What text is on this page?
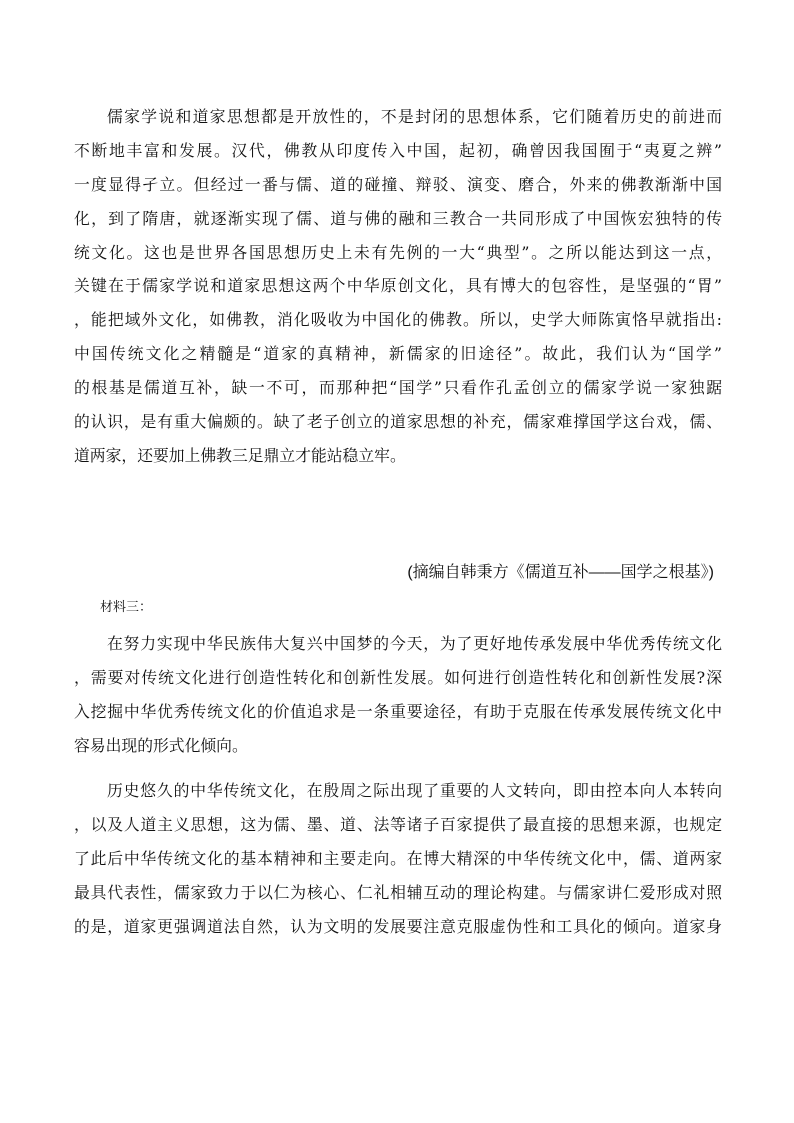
儒家学说和道家思想都是开放性的，不是封闭的思想体系，它们随着历史的前进而
不断地丰富和发展。汉代，佛教从印度传入中国，起初，确曾因我国囿于“夷夏之辨”
一度显得孑立。但经过一番与儒、道的碰撞、辩驳、演变、磨合，外来的佛教渐渐中国
化，到了隋唐，就逐渐实现了儒、道与佛的融和三教合一共同形成了中国恢宏独特的传
统文化。这也是世界各国思想历史上未有先例的一大“典型”。之所以能达到这一点，
关键在于儒家学说和道家思想这两个中华原创文化，具有博大的包容性，是坚强的“胃”
，能把域外文化，如佛教，消化吸收为中国化的佛教。所以，史学大师陈寅恪早就指出:
中国传统文化之精髓是“道家的真精神，新儒家的旧途径”。故此，我们认为“国学”
的根基是儒道互补，缺一不可，而那种把“国学”只看作孔孟创立的儒家学说一家独踞
的认识，是有重大偏颇的。缺了老子创立的道家思想的补充，儒家难撑国学这台戏，儒、
道两家，还要加上佛教三足鼎立才能站稳立牢。
(摘编自韩秉方《儒道互补——国学之根基》)
材料三：
在努力实现中华民族伟大复兴中国梦的今天，为了更好地传承发展中华优秀传统文化
，需要对传统文化进行创造性转化和创新性发展。如何进行创造性转化和创新性发展?深
入挖掘中华优秀传统文化的价值追求是一条重要途径，有助于克服在传承发展传统文化中
容易出现的形式化倾向。
历史悠久的中华传统文化，在殷周之际出现了重要的人文转向，即由控本向人本转向
，以及人道主义思想，这为儒、墨、道、法等诸子百家提供了最直接的思想来源，也规定
了此后中华传统文化的基本精神和主要走向。在博大精深的中华传统文化中，儒、道两家
最具代表性，儒家致力于以仁为核心、仁礼相辅互动的理论构建。与儒家讲仁爱形成对照
的是，道家更强调道法自然，认为文明的发展要注意克服虚伪性和工具化的倾向。道家身
